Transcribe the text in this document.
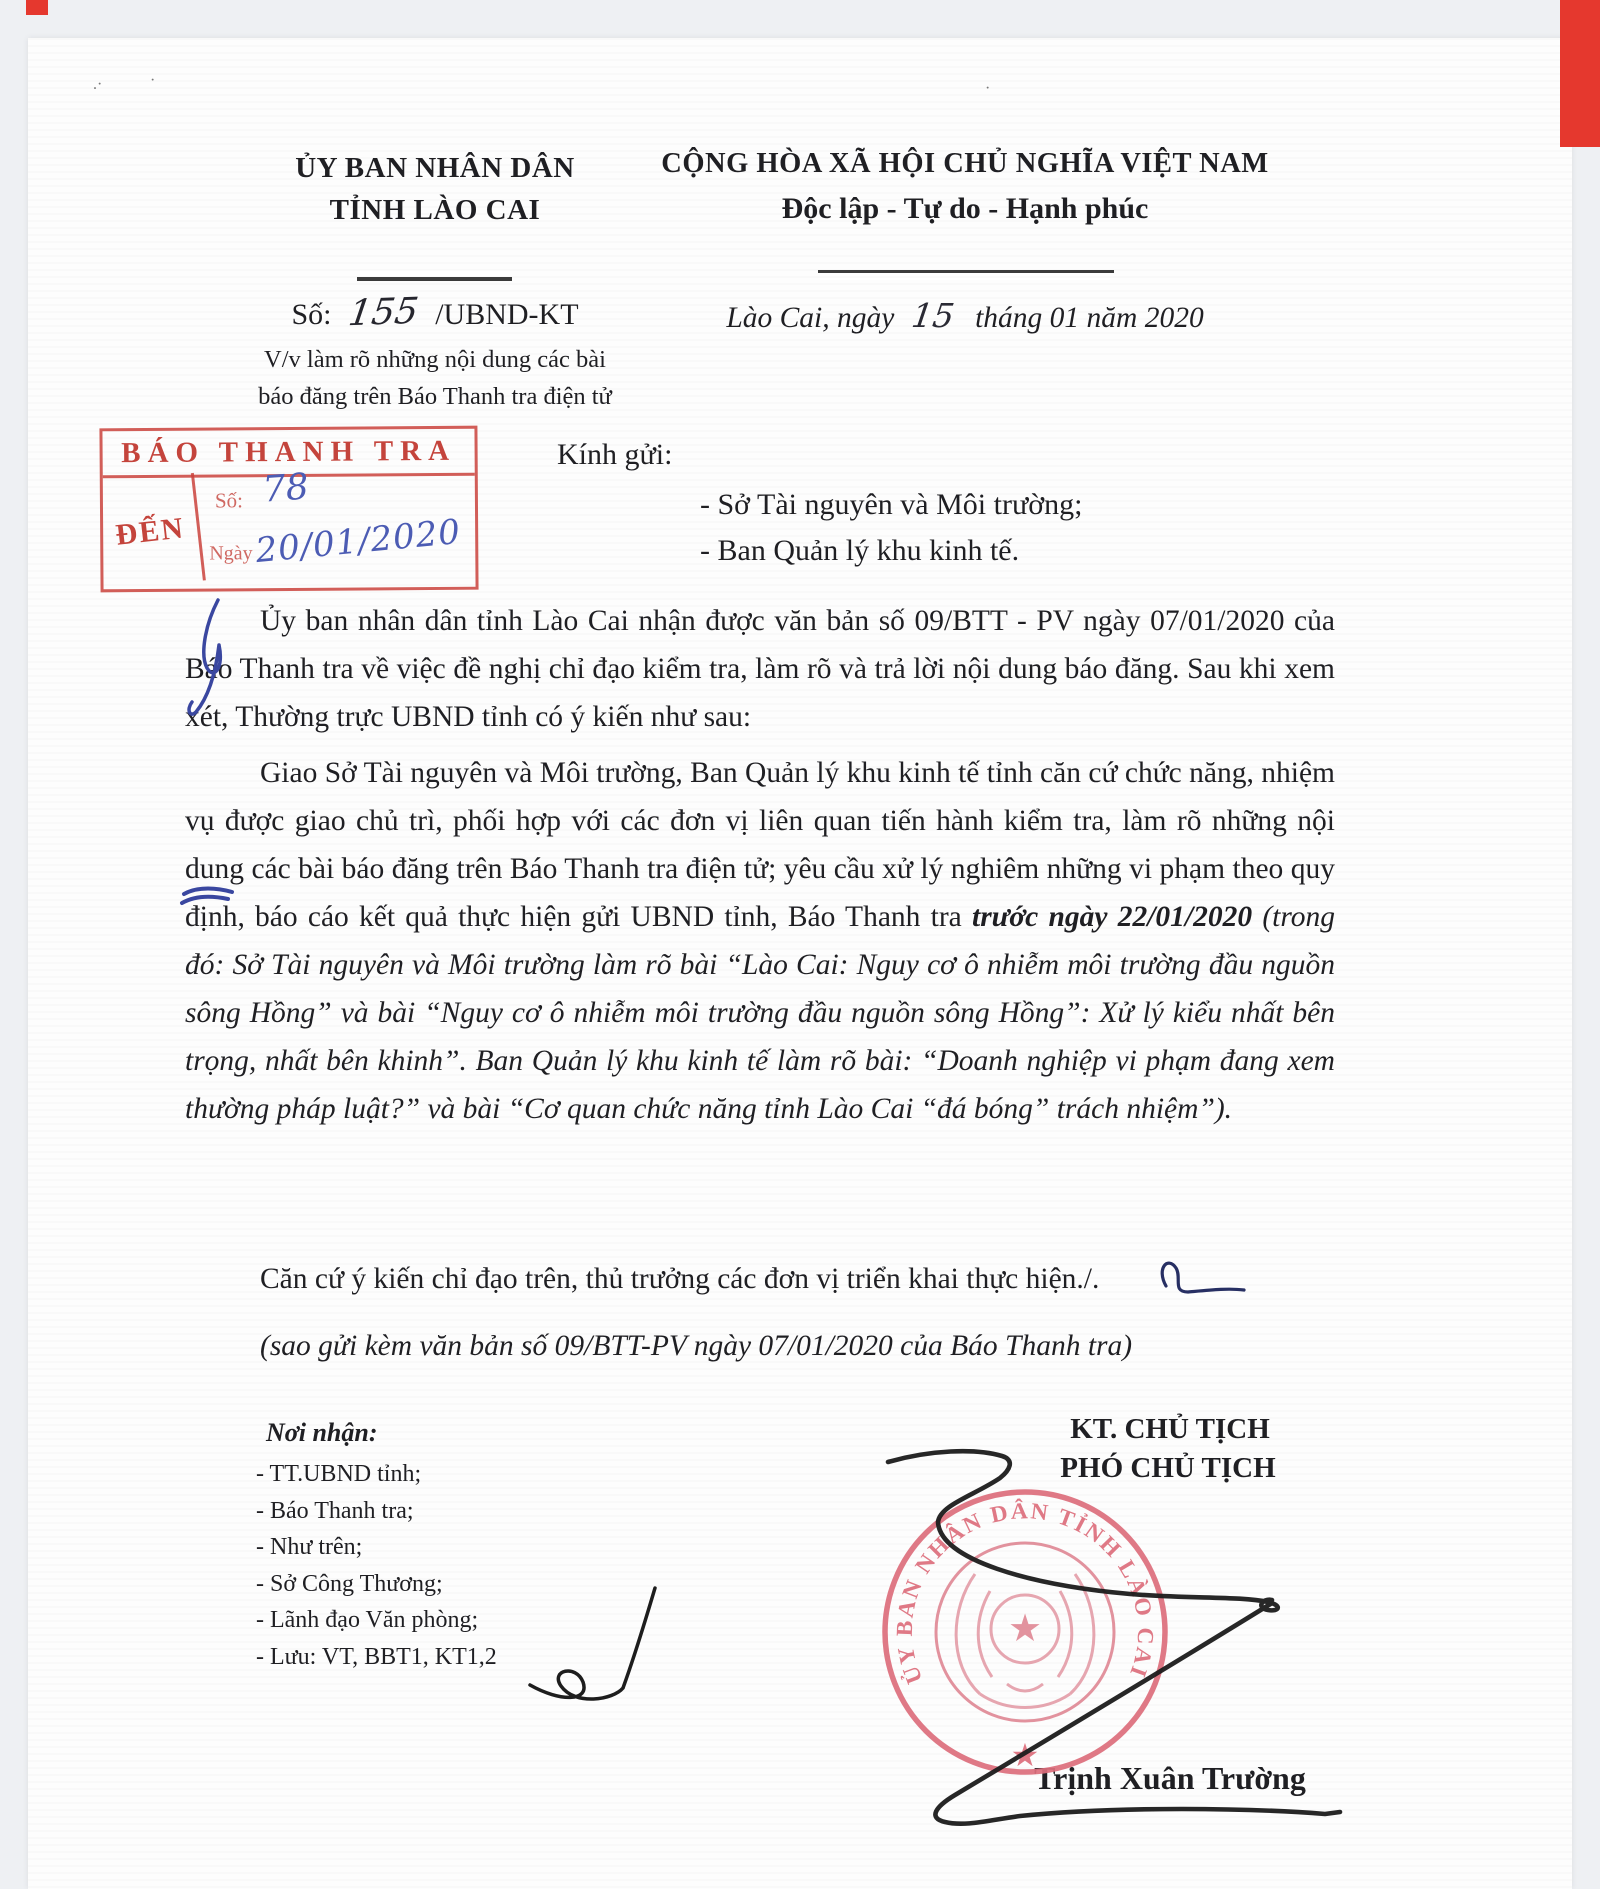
.·	·	·
ỦY BAN NHÂN DÂN
TỈNH LÀO CAI
Số: 155 /UBND-KT
V/v làm rõ những nội dung các bài
báo đăng trên Báo Thanh tra điện tử
CỘNG HÒA XÃ HỘI CHỦ NGHĨA VIỆT NAM
Độc lập - Tự do - Hạnh phúc
Lào Cai, ngày 15 tháng 01 năm 2020
BÁO THANH TRA
ĐẾN
Số: 78
Ngày 20/01/2020
Kính gửi:
- Sở Tài nguyên và Môi trường;
- Ban Quản lý khu kinh tế.
Ủy ban nhân dân tỉnh Lào Cai nhận được văn bản số 09/BTT - PV ngày 07/01/2020 của Báo Thanh tra về việc đề nghị chỉ đạo kiểm tra, làm rõ và trả lời nội dung báo đăng. Sau khi xem xét, Thường trực UBND tỉnh có ý kiến như sau:
Giao Sở Tài nguyên và Môi trường, Ban Quản lý khu kinh tế tỉnh căn cứ chức năng, nhiệm vụ được giao chủ trì, phối hợp với các đơn vị liên quan tiến hành kiểm tra, làm rõ những nội dung các bài báo đăng trên Báo Thanh tra điện tử; yêu cầu xử lý nghiêm những vi phạm theo quy định, báo cáo kết quả thực hiện gửi UBND tỉnh, Báo Thanh tra trước ngày 22/01/2020 (trong đó: Sở Tài nguyên và Môi trường làm rõ bài “Lào Cai: Nguy cơ ô nhiễm môi trường đầu nguồn sông Hồng” và bài “Nguy cơ ô nhiễm môi trường đầu nguồn sông Hồng”: Xử lý kiểu nhất bên trọng, nhất bên khinh”. Ban Quản lý khu kinh tế làm rõ bài: “Doanh nghiệp vi phạm đang xem thường pháp luật?” và bài “Cơ quan chức năng tỉnh Lào Cai “đá bóng” trách nhiệm”).
Căn cứ ý kiến chỉ đạo trên, thủ trưởng các đơn vị triển khai thực hiện./.
(sao gửi kèm văn bản số 09/BTT-PV ngày 07/01/2020 của Báo Thanh tra)
Nơi nhận:
- TT.UBND tỉnh;
- Báo Thanh tra;
- Như trên;
- Sở Công Thương;
- Lãnh đạo Văn phòng;
- Lưu: VT, BBT1, KT1,2
KT. CHỦ TỊCH
PHÓ CHỦ TỊCH
Trịnh Xuân Trường
ỦY BAN NHÂN DÂN TỈNH LÀO CAI
★
★
